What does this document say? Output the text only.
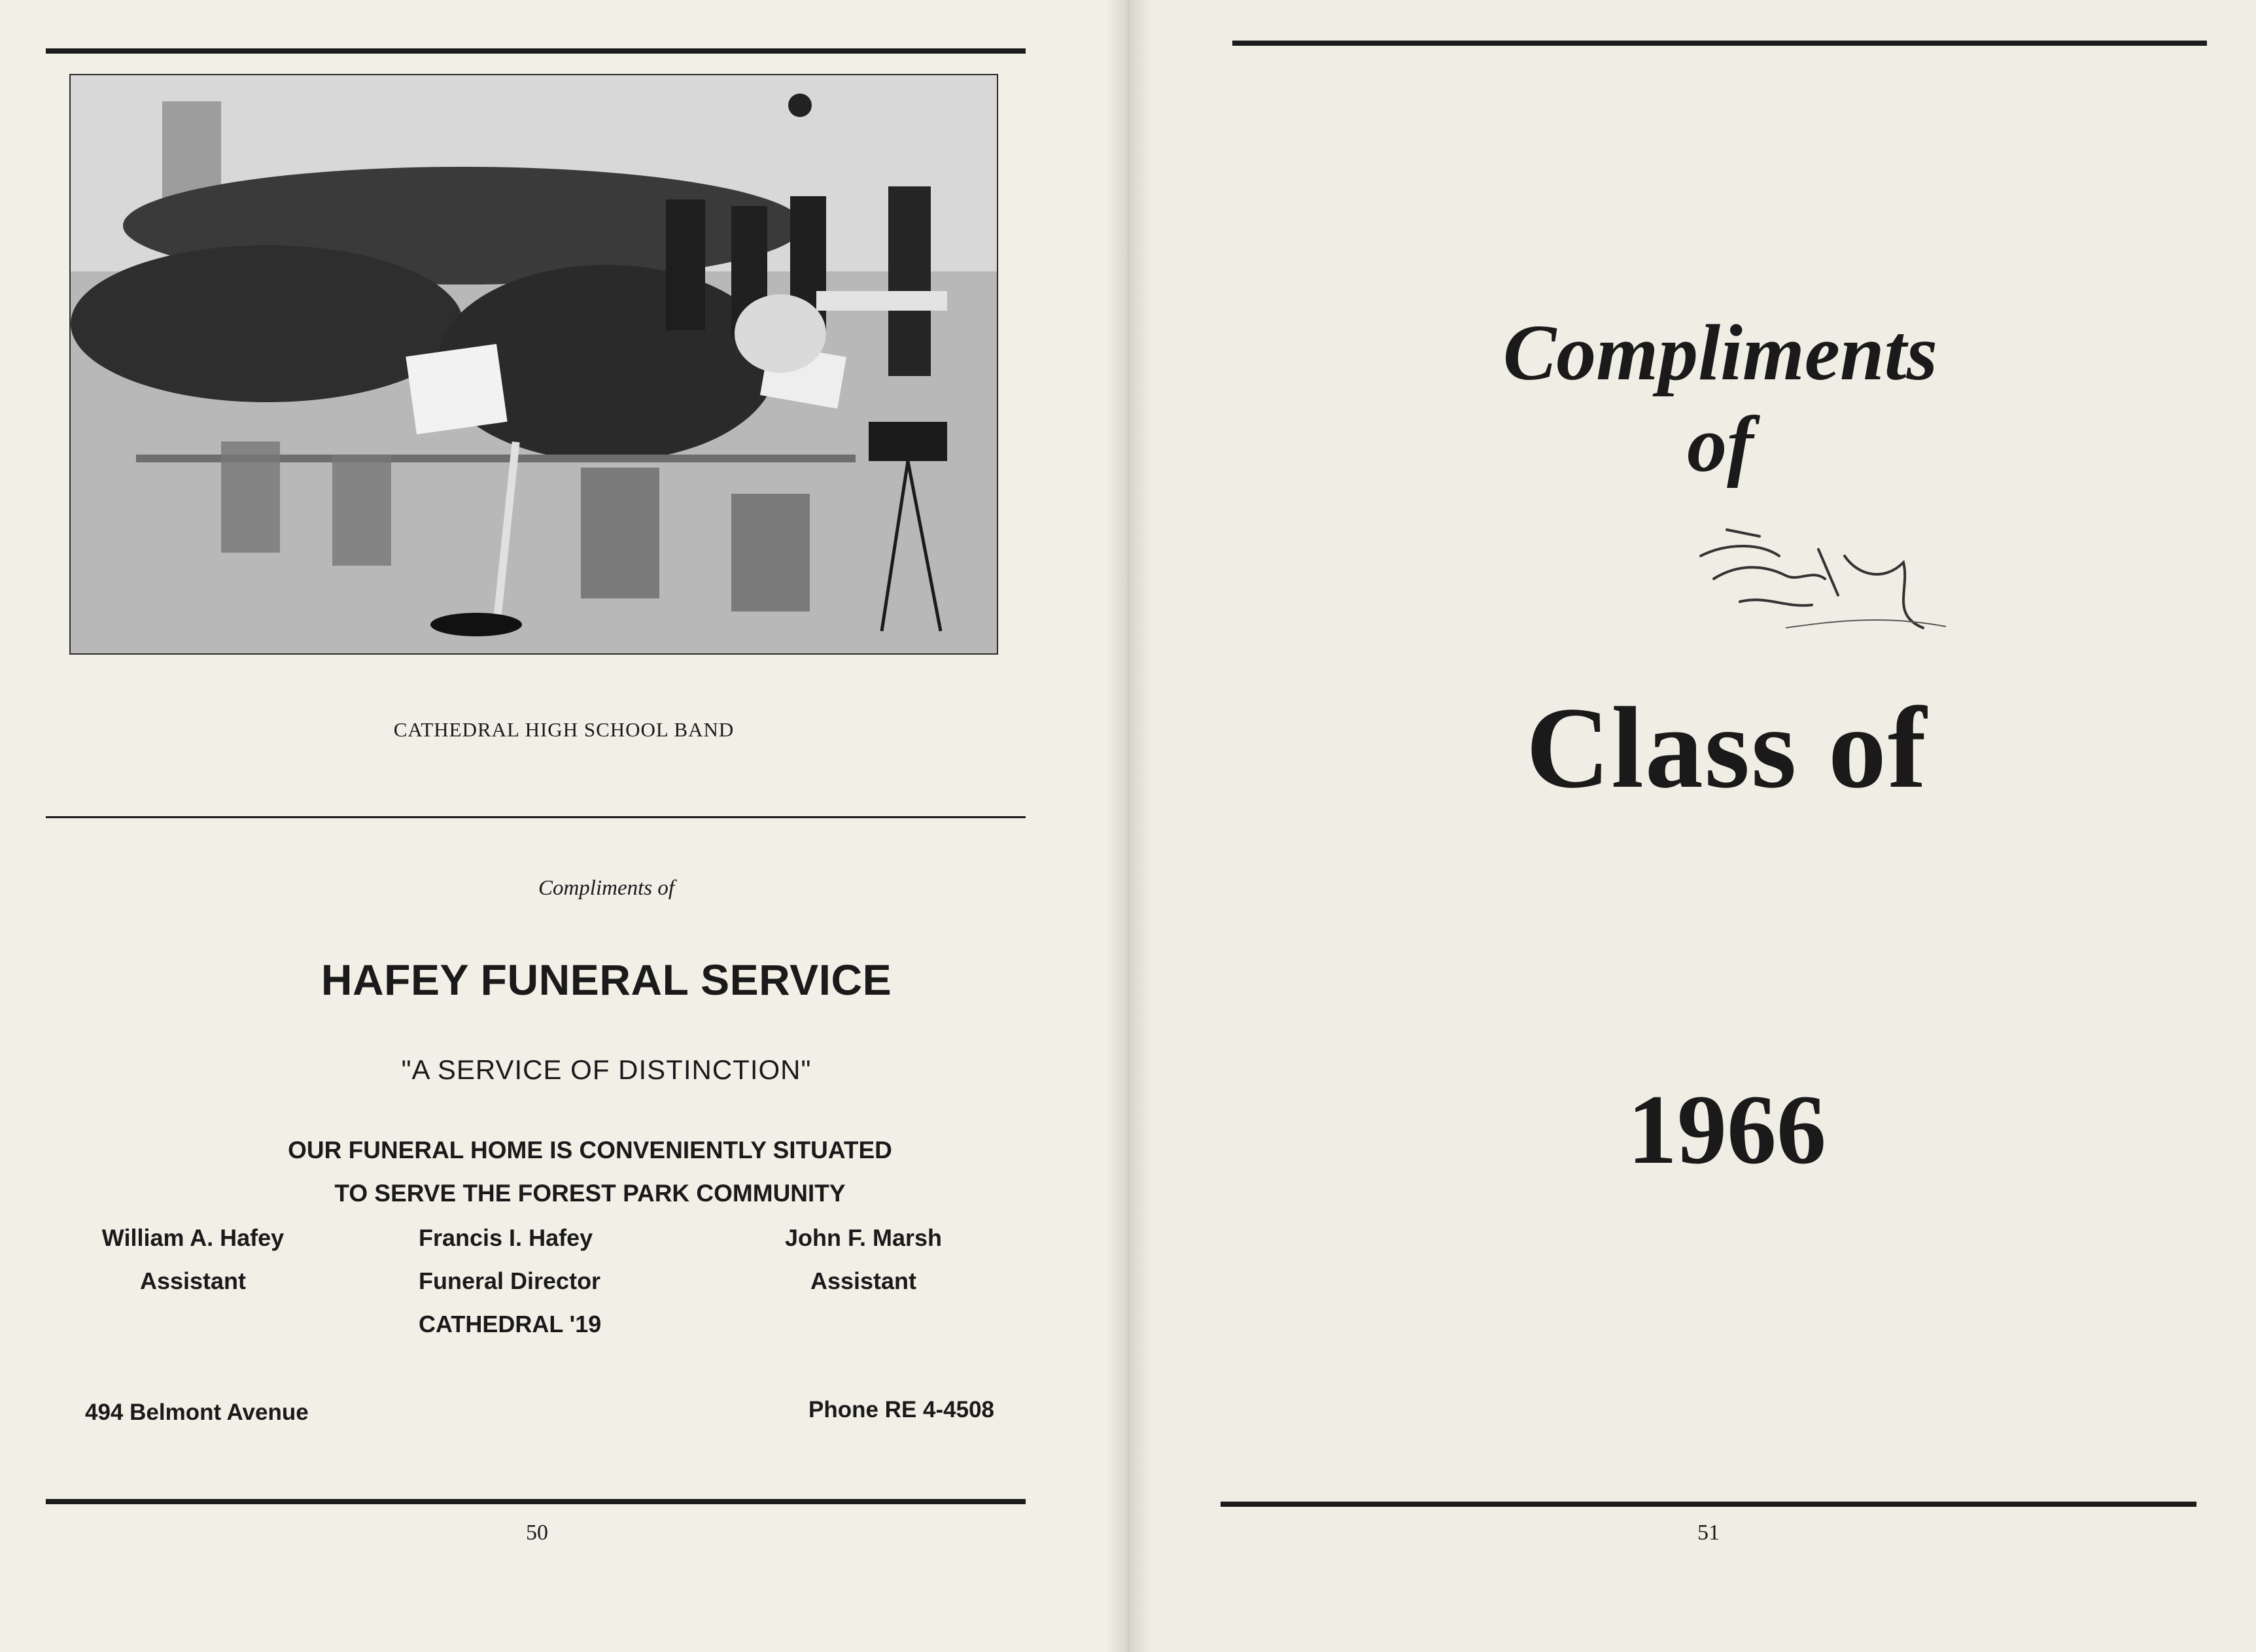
CATHEDRAL HIGH SCHOOL BAND
Compliments of
HAFEY FUNERAL SERVICE
"A SERVICE OF DISTINCTION"
OUR FUNERAL HOME IS CONVENIENTLY SITUATED
TO SERVE THE FOREST PARK COMMUNITY
William A. Hafey
Assistant
Francis I. Hafey
Funeral Director
CATHEDRAL '19
John F. Marsh
Assistant
494 Belmont Avenue	Phone RE 4-4508
50
Compliments of
Class of
1966
51
